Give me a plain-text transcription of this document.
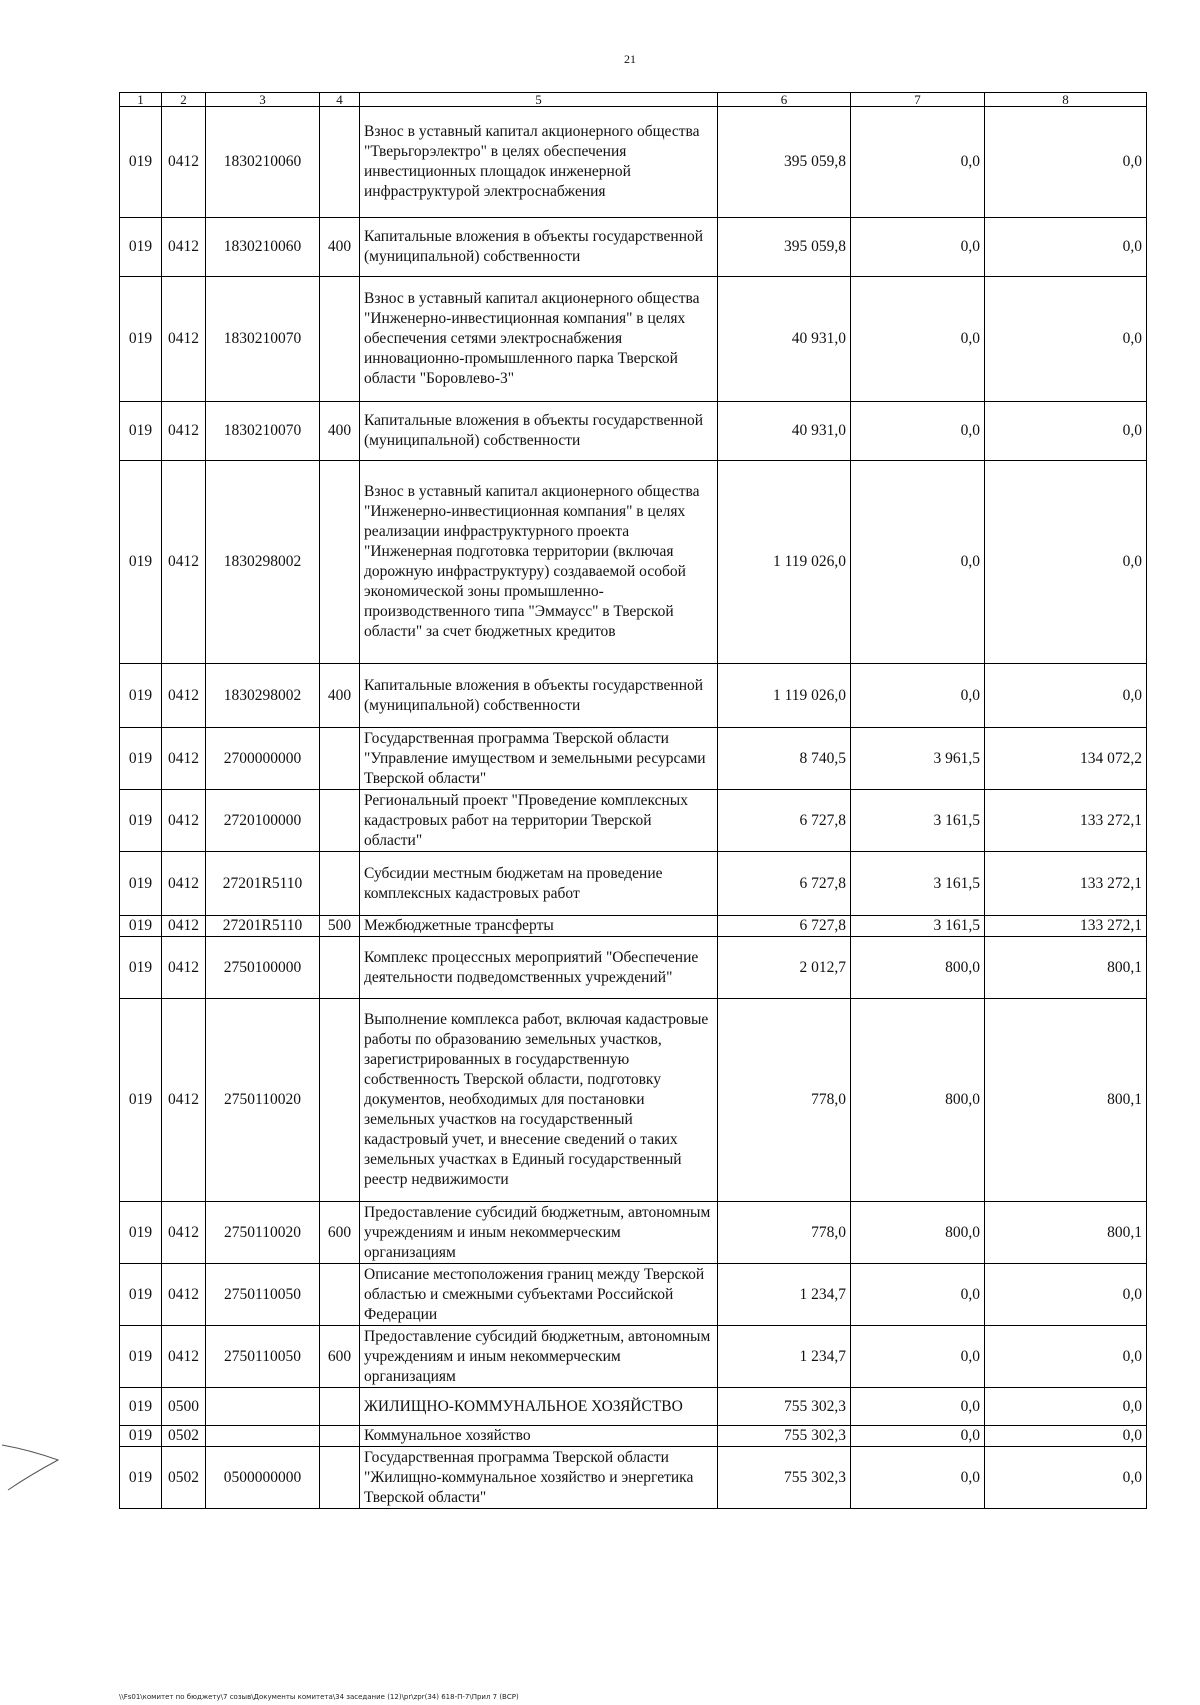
21
1	2	3	4	5	6	7	8
019	0412	1830210060		Взнос в уставный капитал акционерного общества "Тверьгорэлектро" в целях обеспечения инвестиционных площадок инженерной инфраструктурой электроснабжения	395 059,8	0,0	0,0
019	0412	1830210060	400	Капитальные вложения в объекты государственной (муниципальной) собственности	395 059,8	0,0	0,0
019	0412	1830210070		Взнос в уставный капитал акционерного общества "Инженерно-инвестиционная компания" в целях обеспечения сетями электроснабжения инновационно-промышленного парка Тверской области "Боровлево-3"	40 931,0	0,0	0,0
019	0412	1830210070	400	Капитальные вложения в объекты государственной (муниципальной) собственности	40 931,0	0,0	0,0
019	0412	1830298002		Взнос в уставный капитал акционерного общества "Инженерно-инвестиционная компания" в целях реализации инфраструктурного проекта "Инженерная подготовка территории (включая дорожную инфраструктуру) создаваемой особой экономической зоны промышленно-производственного типа "Эммаусс" в Тверской области" за счет бюджетных кредитов	1 119 026,0	0,0	0,0
019	0412	1830298002	400	Капитальные вложения в объекты государственной (муниципальной) собственности	1 119 026,0	0,0	0,0
019	0412	2700000000		Государственная программа Тверской области "Управление имуществом и земельными ресурсами Тверской области"	8 740,5	3 961,5	134 072,2
019	0412	2720100000		Региональный проект "Проведение комплексных кадастровых работ на территории Тверской области"	6 727,8	3 161,5	133 272,1
019	0412	27201R5110		Субсидии местным бюджетам на проведение комплексных кадастровых работ	6 727,8	3 161,5	133 272,1
019	0412	27201R5110	500	Межбюджетные трансферты	6 727,8	3 161,5	133 272,1
019	0412	2750100000		Комплекс процессных мероприятий "Обеспечение деятельности подведомственных учреждений"	2 012,7	800,0	800,1
019	0412	2750110020		Выполнение комплекса работ, включая кадастровые работы по образованию земельных участков, зарегистрированных в государственную собственность Тверской области, подготовку документов, необходимых для постановки земельных участков на государственный кадастровый учет, и внесение сведений о таких земельных участках в Единый государственный реестр недвижимости	778,0	800,0	800,1
019	0412	2750110020	600	Предоставление субсидий бюджетным, автономным учреждениям и иным некоммерческим организациям	778,0	800,0	800,1
019	0412	2750110050		Описание местоположения границ между Тверской областью и смежными субъектами Российской Федерации	1 234,7	0,0	0,0
019	0412	2750110050	600	Предоставление субсидий бюджетным, автономным учреждениям и иным некоммерческим организациям	1 234,7	0,0	0,0
019	0500			ЖИЛИЩНО-КОММУНАЛЬНОЕ ХОЗЯЙСТВО	755 302,3	0,0	0,0
019	0502			Коммунальное хозяйство	755 302,3	0,0	0,0
019	0502	0500000000		Государственная программа Тверской области "Жилищно-коммунальное хозяйство и энергетика Тверской области"	755 302,3	0,0	0,0
\\Fs01\комитет по бюджету\7 созыв\Документы комитета\34 заседание (12)\pr\zpr(34) 618-П-7\Прил 7 (ВСР)
